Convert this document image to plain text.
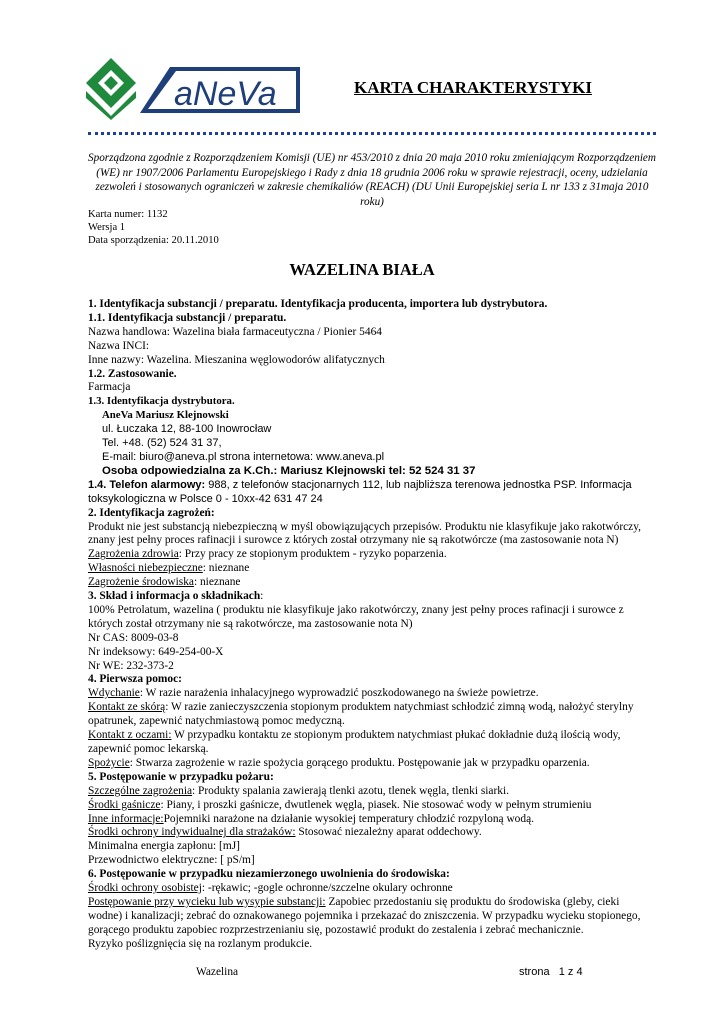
aNeVa	KARTA CHARAKTERYSTYKI
Sporządzona zgodnie z Rozporządzeniem Komisji (UE) nr 453/2010 z dnia 20 maja 2010 roku zmieniającym Rozporządzeniem (WE) nr 1907/2006 Parlamentu Europejskiego i Rady z dnia 18 grudnia 2006 roku w sprawie rejestracji, oceny, udzielania zezwoleń i stosowanych ograniczeń w zakresie chemikaliów (REACH) (DU Unii Europejskiej seria L nr 133 z 31maja 2010 roku)
Karta numer: 1132
Wersja 1
Data sporządzenia: 20.11.2010
WAZELINA BIAŁA
1. Identyfikacja substancji / preparatu. Identyfikacja producenta, importera lub dystrybutora.
1.1. Identyfikacja substancji / preparatu.
Nazwa handlowa: Wazelina biała farmaceutyczna / Pionier 5464
Nazwa INCI:
Inne nazwy: Wazelina. Mieszanina węglowodorów alifatycznych
1.2. Zastosowanie.
Farmacja
1.3. Identyfikacja dystrybutora.
AneVa Mariusz Klejnowski
ul. Łuczaka 12, 88-100 Inowrocław
Tel. +48. (52) 524 31 37,
E-mail: biuro@aneva.pl strona internetowa: www.aneva.pl
Osoba odpowiedzialna za K.Ch.: Mariusz Klejnowski tel: 52 524 31 37
1.4. Telefon alarmowy: 988, z telefonów stacjonarnych 112, lub najbliższa terenowa jednostka PSP. Informacja
toksykologiczna w Polsce 0 - 10xx-42 631 47 24
2. Identyfikacja zagrożeń:
Produkt nie jest substancją niebezpieczną w myśl obowiązujących przepisów. Produktu nie klasyfikuje jako rakotwórczy,
znany jest pełny proces rafinacji i surowce z których został otrzymany nie są rakotwórcze (ma zastosowanie nota N)
Zagrożenia zdrowia: Przy pracy ze stopionym produktem - ryzyko poparzenia.
Własności niebezpieczne: nieznane
Zagrożenie środowiska: nieznane
3. Skład i informacja o składnikach:
100% Petrolatum, wazelina ( produktu nie klasyfikuje jako rakotwórczy, znany jest pełny proces rafinacji i surowce z
których został otrzymany nie są rakotwórcze, ma zastosowanie nota N)
Nr CAS: 8009-03-8
Nr indeksowy: 649-254-00-X
Nr WE: 232-373-2
4. Pierwsza pomoc:
Wdychanie: W razie narażenia inhalacyjnego wyprowadzić poszkodowanego na świeże powietrze.
Kontakt ze skórą: W razie zanieczyszczenia stopionym produktem natychmiast schłodzić zimną wodą, nałożyć sterylny
opatrunek, zapewnić natychmiastową pomoc medyczną.
Kontakt z oczami: W przypadku kontaktu ze stopionym produktem natychmiast płukać dokładnie dużą ilością wody,
zapewnić pomoc lekarską.
Spożycie: Stwarza zagrożenie w razie spożycia gorącego produktu. Postępowanie jak w przypadku oparzenia.
5. Postępowanie w przypadku pożaru:
Szczególne zagrożenia: Produkty spalania zawierają tlenki azotu, tlenek węgla, tlenki siarki.
Środki gaśnicze: Piany, i proszki gaśnicze, dwutlenek węgla, piasek. Nie stosować wody w pełnym strumieniu
Inne informacje:Pojemniki narażone na działanie wysokiej temperatury chłodzić rozpyloną wodą.
Środki ochrony indywidualnej dla strażaków: Stosować niezależny aparat oddechowy.
Minimalna energia zapłonu: [mJ]
Przewodnictwo elektryczne: [ pS/m]
6. Postępowanie w przypadku niezamierzonego uwolnienia do środowiska:
Środki ochrony osobistej: -rękawic; -gogle ochronne/szczelne okulary ochronne
Postępowanie przy wycieku lub wysypie substancji: Zapobiec przedostaniu się produktu do środowiska (gleby, cieki
wodne) i kanalizacji; zebrać do oznakowanego pojemnika i przekazać do zniszczenia. W przypadku wycieku stopionego,
gorącego produktu zapobiec rozprzestrzenianiu się, pozostawić produkt do zestalenia i zebrać mechanicznie.
Ryzyko poślizgnięcia się na rozlanym produkcie.
Wazelina	strona   1 z 4
